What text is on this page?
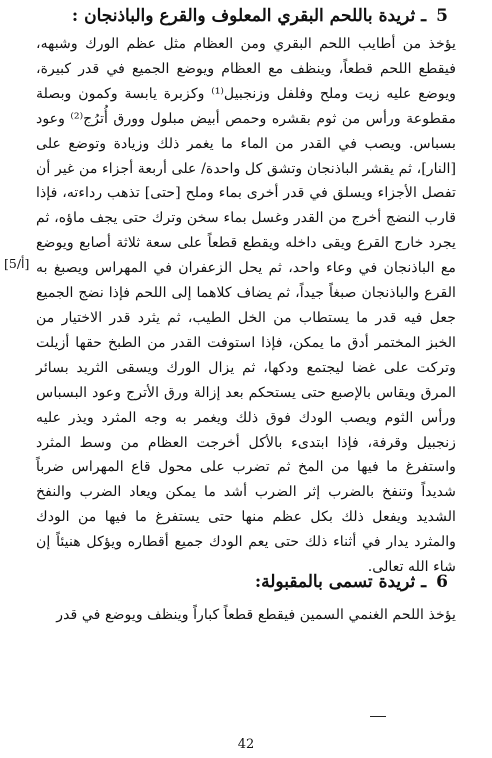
5ـ ثريدة باللحم البقري المعلوف والقرع والباذنجان :

يؤخذ من أطايب اللحم البقري ومن العظام مثل عظم الورك وشبهه، فيقطع اللحم قطعاً، وينظف مع العظام ويوضع الجميع في قدر كبيرة، ويوضع عليه زيت وملح وفلفل وزنجبيل⁽¹⁾ وكزبرة يابسة وكمون وبصلة مقطوعة ورأس من ثوم بقشره وحمص أبيض مبلول وورق أُترُج⁽²⁾ وعود بسباس. ويصب في القدر من الماء ما يغمر ذلك وزيادة وتوضع على [النار]، ثم يقشر الباذنجان وتشق كل واحدة/ على أربعة أجزاء من غير أن تفصل الأجزاء ويسلق في قدر أخرى بماء وملح [حتى] تذهب رداءته، فإذا قارب النضج أخرج من القدر وغسل بماء سخن وترك حتى يجف ماؤه، ثم يجرد خارج القرع ويقى داخله ويقطع قطعاً على سعة ثلاثة أصابع ويوضع مع الباذنجان في وعاء واحد، ثم يحل الزعفران في المهراس ويصبغ به القرع والباذنجان صبغاً جيداً، ثم يضاف كلاهما إلى اللحم فإذا نضج الجميع جعل فيه قدر ما يستطاب من الخل الطيب، ثم يثرد قدر الاختيار من الخبز المختمر أدق ما يمكن، فإذا استوفت القدر من الطبخ حقها أزيلت وتركت على غضا ليجتمع ودكها، ثم يزال الورك ويسقى الثريد بسائر المرق ويقاس بالإصبع حتى يستحكم بعد إزالة ورق الأترج وعود البسباس ورأس الثوم ويصب الودك فوق ذلك ويغمر به وجه المثرد ويذر عليه زنجبيل وقرفة، فإذا ابتدىء بالأكل أخرجت العظام من وسط المثرد واستفرغ ما فيها من المخ ثم تضرب على محول قاع المهراس ضرباً شديداً وتنفخ بالضرب إثر الضرب أشد ما يمكن ويعاد الضرب والنفخ الشديد ويفعل ذلك بكل عظم منها حتى يستفرغ ما فيها من الودك والمثرد يدار في أثناء ذلك حتى يعم الودك جميع أقطاره ويؤكل هنيئاً إن شاء الله تعالى.

[أ/5]
6ـ ثريدة تسمى بالمقبولة:

يؤخذ اللحم الغنمي السمين فيقطع قطعاً كباراً وينظف ويوضع في قدر

42
